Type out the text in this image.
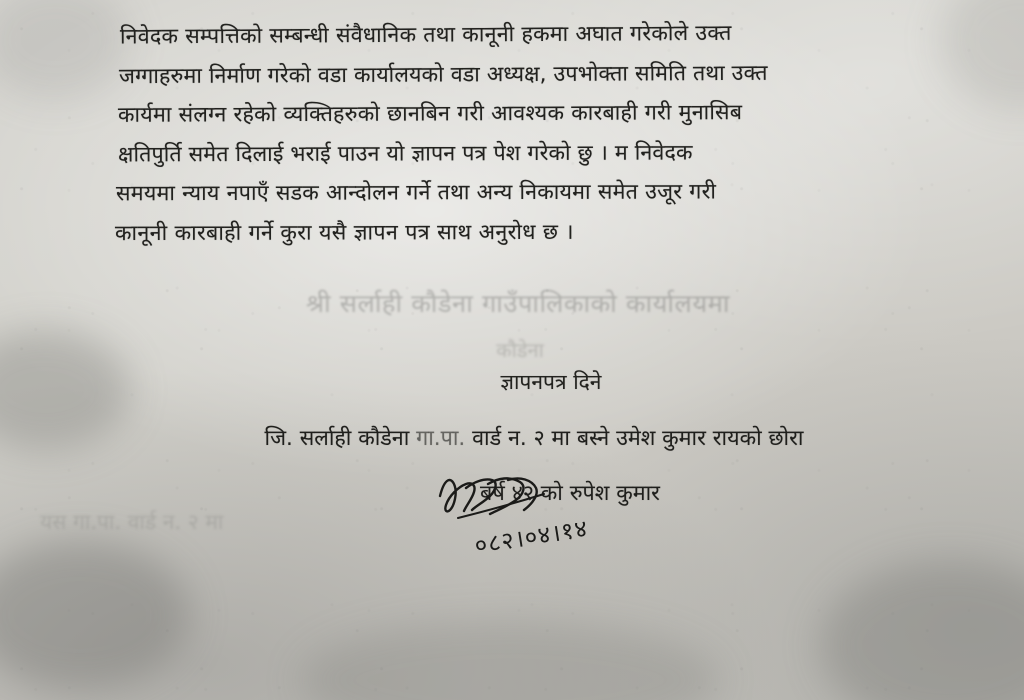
श्री सर्लाही कौडेना गाउँपालिकाको कार्यालयमा
कौडेना
यस गा.पा. वार्ड न. २ मा
निवेदक सम्पत्तिको सम्बन्धी संवैधानिक तथा कानूनी हकमा अघात गरेकोले उक्त
जग्गाहरुमा निर्माण गरेको वडा कार्यालयको वडा अध्यक्ष, उपभोक्ता समिति तथा उक्त
कार्यमा संलग्न रहेको व्यक्तिहरुको छानबिन गरी आवश्यक कारबाही गरी मुनासिब
क्षतिपुर्ति समेत दिलाई भराई पाउन यो ज्ञापन पत्र पेश गरेको छु । म निवेदक
समयमा न्याय नपाएँ सडक आन्दोलन गर्ने तथा अन्य निकायमा समेत उजूर गरी
कानूनी कारबाही गर्ने कुरा यसै ज्ञापन पत्र साथ अनुरोध छ ।
ज्ञापनपत्र दिने
जि. सर्लाही कौडेना गा.पा. वार्ड न. २ मा बस्ने उमेश कुमार रायको छोरा
बर्ष ४२ को रुपेश कुमार
०८२।०४।१४
